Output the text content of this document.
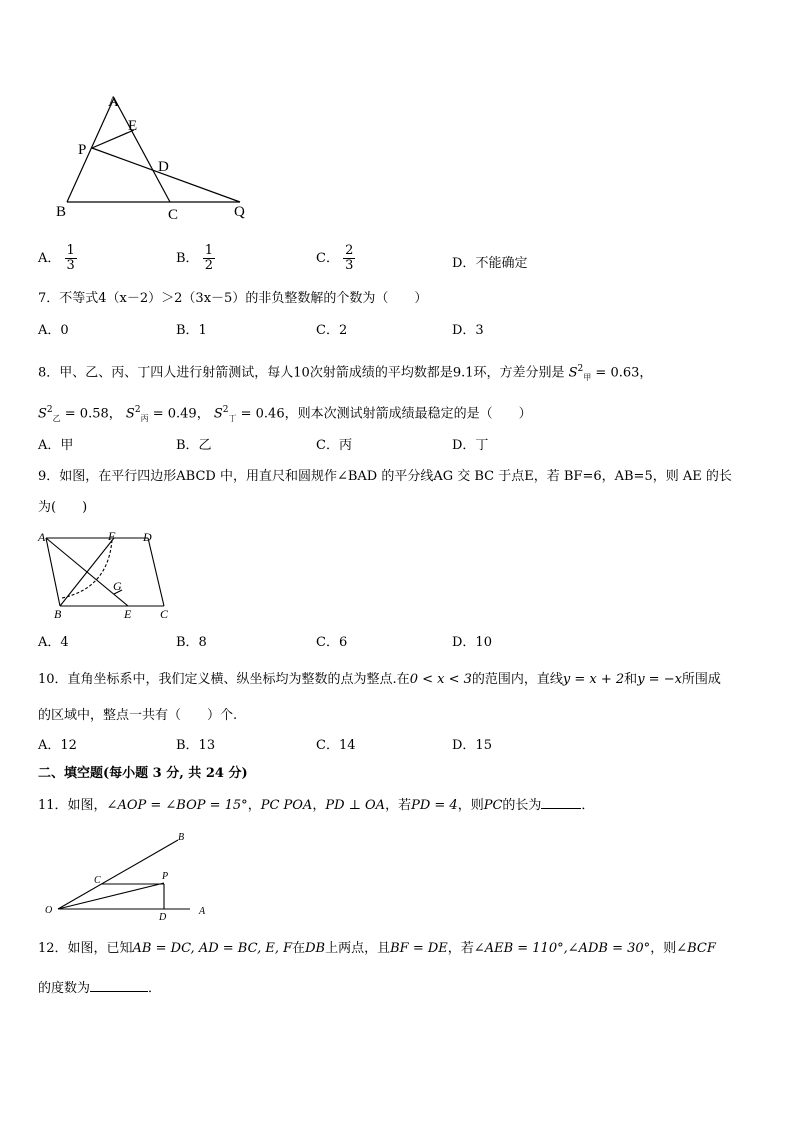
A
E
P
D
B	C	Q
A． $\frac{1}{3}$	B． $\frac{1}{2}$	C． $\frac{2}{3}$	D．不能确定
7．不等式4（x－2）＞2（3x－5）的非负整数解的个数为（　　）
A．0	B．1	C．2	D．3
8．甲、乙、丙、丁四人进行射箭测试，每人10次射箭成绩的平均数都是9.1环，方差分别是 $S^2_甲 = 0.63$，
$S^2_乙 = 0.58$， $S^2_丙 = 0.49$， $S^2_丁 = 0.46$，则本次测试射箭成绩最稳定的是（　　）
A．甲	B．乙	C．丙	D．丁
9．如图，在平行四边形ABCD 中，用直尺和圆规作∠BAD 的平分线AG 交 BC 于点E，若 BF=6，AB=5，则 AE 的长
为(　　)
A	F D
G
B	E C
A．4	B．8	C．6	D．10
10．直角坐标系中，我们定义横、纵坐标均为整数的点为整点.在0 < x < 3的范围内，直线y = x + 2和y = −x所围成
的区域中，整点一共有（　　）个.
A．12	B．13	C．14	D．15
二、填空题(每小题 3 分, 共 24 分)
11．如图，∠AOP = ∠BOP = 15°，PC POA，PD ⊥ OA，若PD = 4，则PC的长为	．
B
C	P
O
D
A
12．如图，已知AB = DC, AD = BC, E, F在DB上两点，且BF = DE，若∠AEB = 110°,∠ADB = 30°，则∠BCF
的度数为	．
